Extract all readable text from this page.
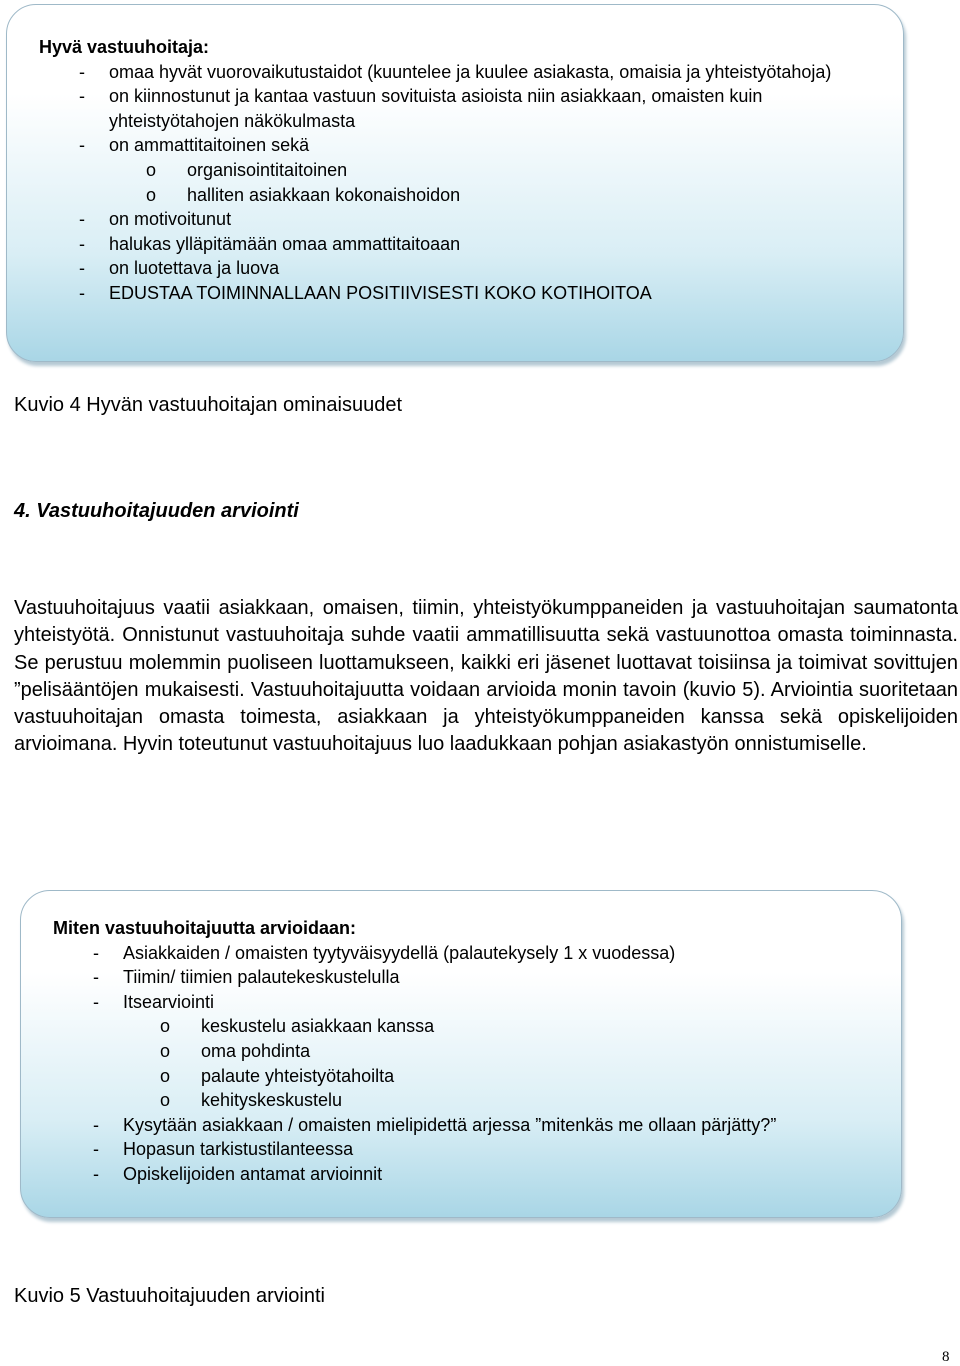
Hyvä vastuuhoitaja:
- omaa hyvät vuorovaikutustaidot (kuuntelee ja kuulee asiakasta, omaisia ja yhteistyötahoja)
- on kiinnostunut ja kantaa vastuun sovituista asioista niin asiakkaan, omaisten kuin yhteistyötahojen näkökulmasta
- on ammattitaitoinen sekä
o organisointitaitoinen
o halliten asiakkaan kokonaishoidon
- on motivoitunut
- halukas ylläpitämään omaa ammattitaitoaan
- on luotettava ja luova
- EDUSTAA TOIMINNALLAAN POSITIIVISESTI KOKO KOTIHOITOA
Kuvio 4 Hyvän vastuuhoitajan ominaisuudet
4. Vastuuhoitajuuden arviointi
Vastuuhoitajuus vaatii asiakkaan, omaisen, tiimin, yhteistyökumppaneiden ja vastuuhoitajan saumatonta yhteistyötä. Onnistunut vastuuhoitaja suhde vaatii ammatillisuutta sekä vastuunottoa omasta toiminnasta. Se perustuu molemmin puoliseen luottamukseen, kaikki eri jäsenet luottavat toisiinsa ja toimivat sovittujen ”pelisääntöjen mukaisesti. Vastuuhoitajuutta voidaan arvioida monin tavoin (kuvio 5). Arviointia suoritetaan vastuuhoitajan omasta toimesta, asiakkaan ja yhteistyökumppaneiden kanssa sekä opiskelijoiden arvioimana. Hyvin toteutunut vastuuhoitajuus luo laadukkaan pohjan asiakastyön onnistumiselle.
Miten vastuuhoitajuutta arvioidaan:
- Asiakkaiden / omaisten tyytyväisyydellä (palautekysely 1 x vuodessa)
- Tiimin/ tiimien palautekeskustelulla
- Itsearviointi
o keskustelu asiakkaan kanssa
o oma pohdinta
o palaute yhteistyötahoilta
o kehityskeskustelu
- Kysytään asiakkaan / omaisten mielipidettä arjessa ”mitenkäs me ollaan pärjätty?”
- Hopasun tarkistustilanteessa
- Opiskelijoiden antamat arvioinnit
Kuvio 5 Vastuuhoitajuuden arviointi
8
